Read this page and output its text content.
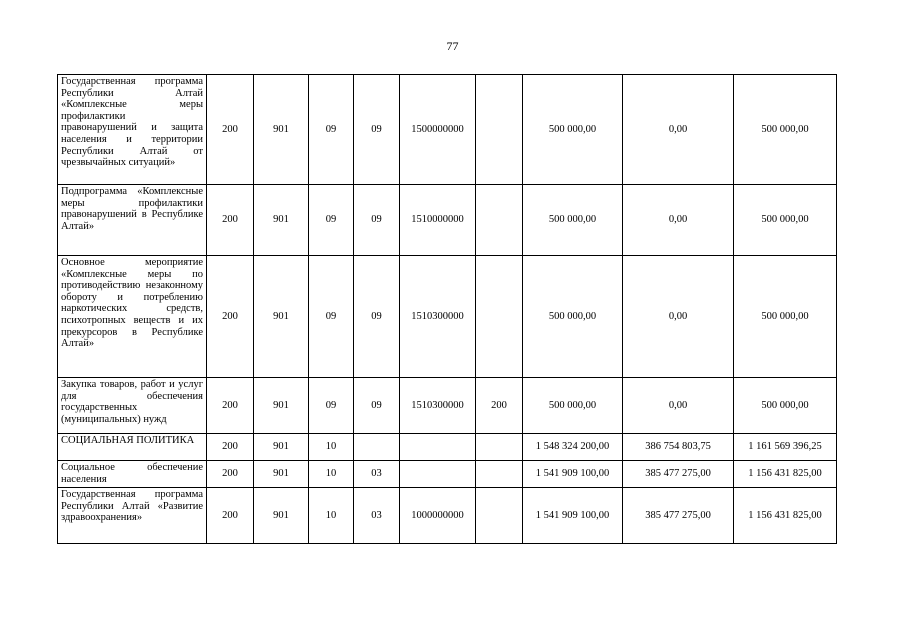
77
Государственная программа Республики Алтай «Комплексные меры профилактики правонарушений и защита населения и территории Республики Алтай от чрезвычайных ситуаций»	200	901	09	09	1500000000		500 000,00	0,00	500 000,00
Подпрограмма «Комплексные меры профилактики правонарушений в Республике Алтай»	200	901	09	09	1510000000		500 000,00	0,00	500 000,00
Основное мероприятие «Комплексные меры по противодействию незаконному обороту и потреблению наркотических средств, психотропных веществ и их прекурсоров в Республике Алтай»	200	901	09	09	1510300000		500 000,00	0,00	500 000,00
Закупка товаров, работ и услуг для обеспечения государственных (муниципальных) нужд	200	901	09	09	1510300000	200	500 000,00	0,00	500 000,00
СОЦИАЛЬНАЯ ПОЛИТИКА	200	901	10				1 548 324 200,00	386 754 803,75	1 161 569 396,25
Социальное обеспечение населения	200	901	10	03			1 541 909 100,00	385 477 275,00	1 156 431 825,00
Государственная программа Республики Алтай «Развитие здравоохранения»	200	901	10	03	1000000000		1 541 909 100,00	385 477 275,00	1 156 431 825,00
